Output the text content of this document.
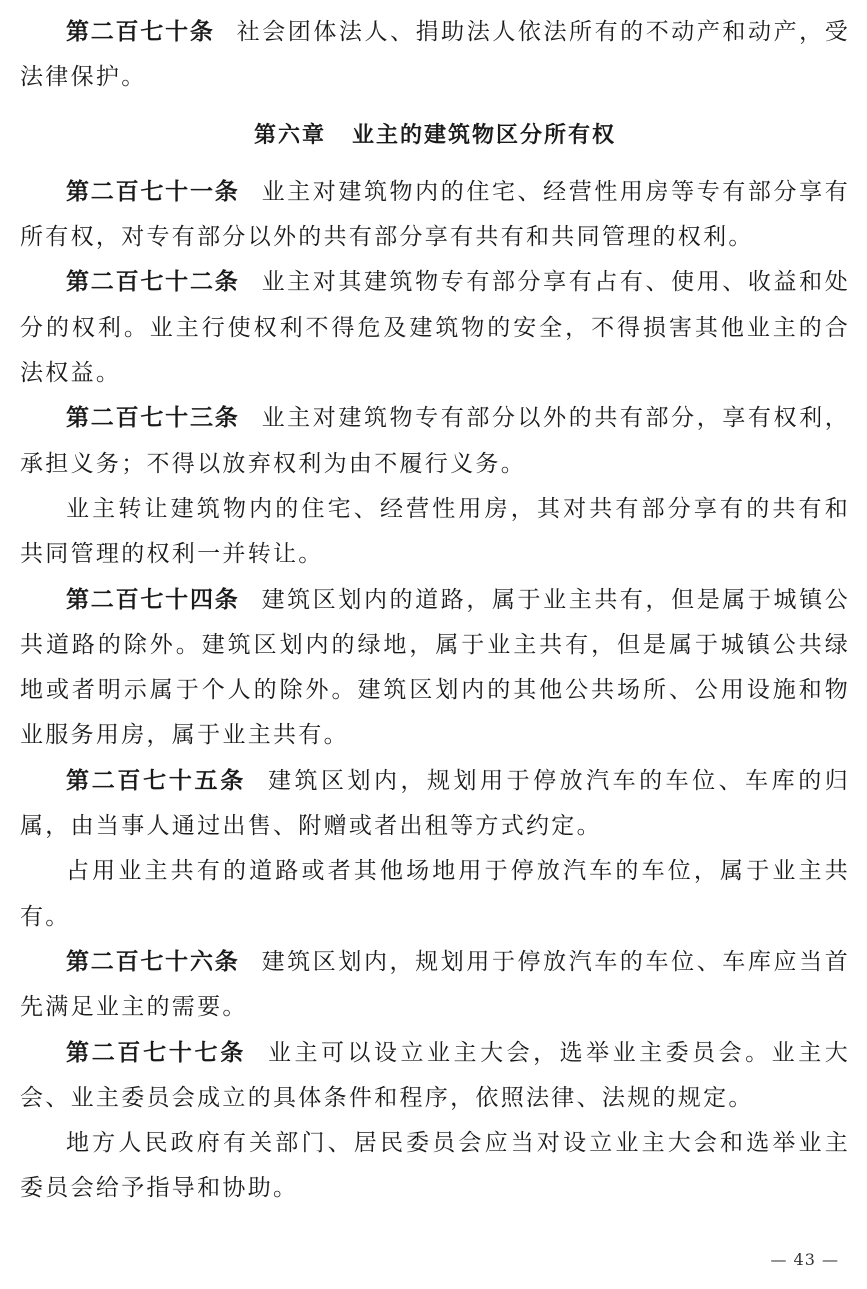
第二百七十条 社会团体法人、捐助法人依法所有的不动产和动产，受法律保护。

第六章 业主的建筑物区分所有权

第二百七十一条 业主对建筑物内的住宅、经营性用房等专有部分享有所有权，对专有部分以外的共有部分享有共有和共同管理的权利。

第二百七十二条 业主对其建筑物专有部分享有占有、使用、收益和处分的权利。业主行使权利不得危及建筑物的安全，不得损害其他业主的合法权益。

第二百七十三条 业主对建筑物专有部分以外的共有部分，享有权利，承担义务；不得以放弃权利为由不履行义务。

业主转让建筑物内的住宅、经营性用房，其对共有部分享有的共有和共同管理的权利一并转让。

第二百七十四条 建筑区划内的道路，属于业主共有，但是属于城镇公共道路的除外。建筑区划内的绿地，属于业主共有，但是属于城镇公共绿地或者明示属于个人的除外。建筑区划内的其他公共场所、公用设施和物业服务用房，属于业主共有。

第二百七十五条 建筑区划内，规划用于停放汽车的车位、车库的归属，由当事人通过出售、附赠或者出租等方式约定。

占用业主共有的道路或者其他场地用于停放汽车的车位，属于业主共有。

第二百七十六条 建筑区划内，规划用于停放汽车的车位、车库应当首先满足业主的需要。

第二百七十七条 业主可以设立业主大会，选举业主委员会。业主大会、业主委员会成立的具体条件和程序，依照法律、法规的规定。

地方人民政府有关部门、居民委员会应当对设立业主大会和选举业主委员会给予指导和协助。

— 43 —
